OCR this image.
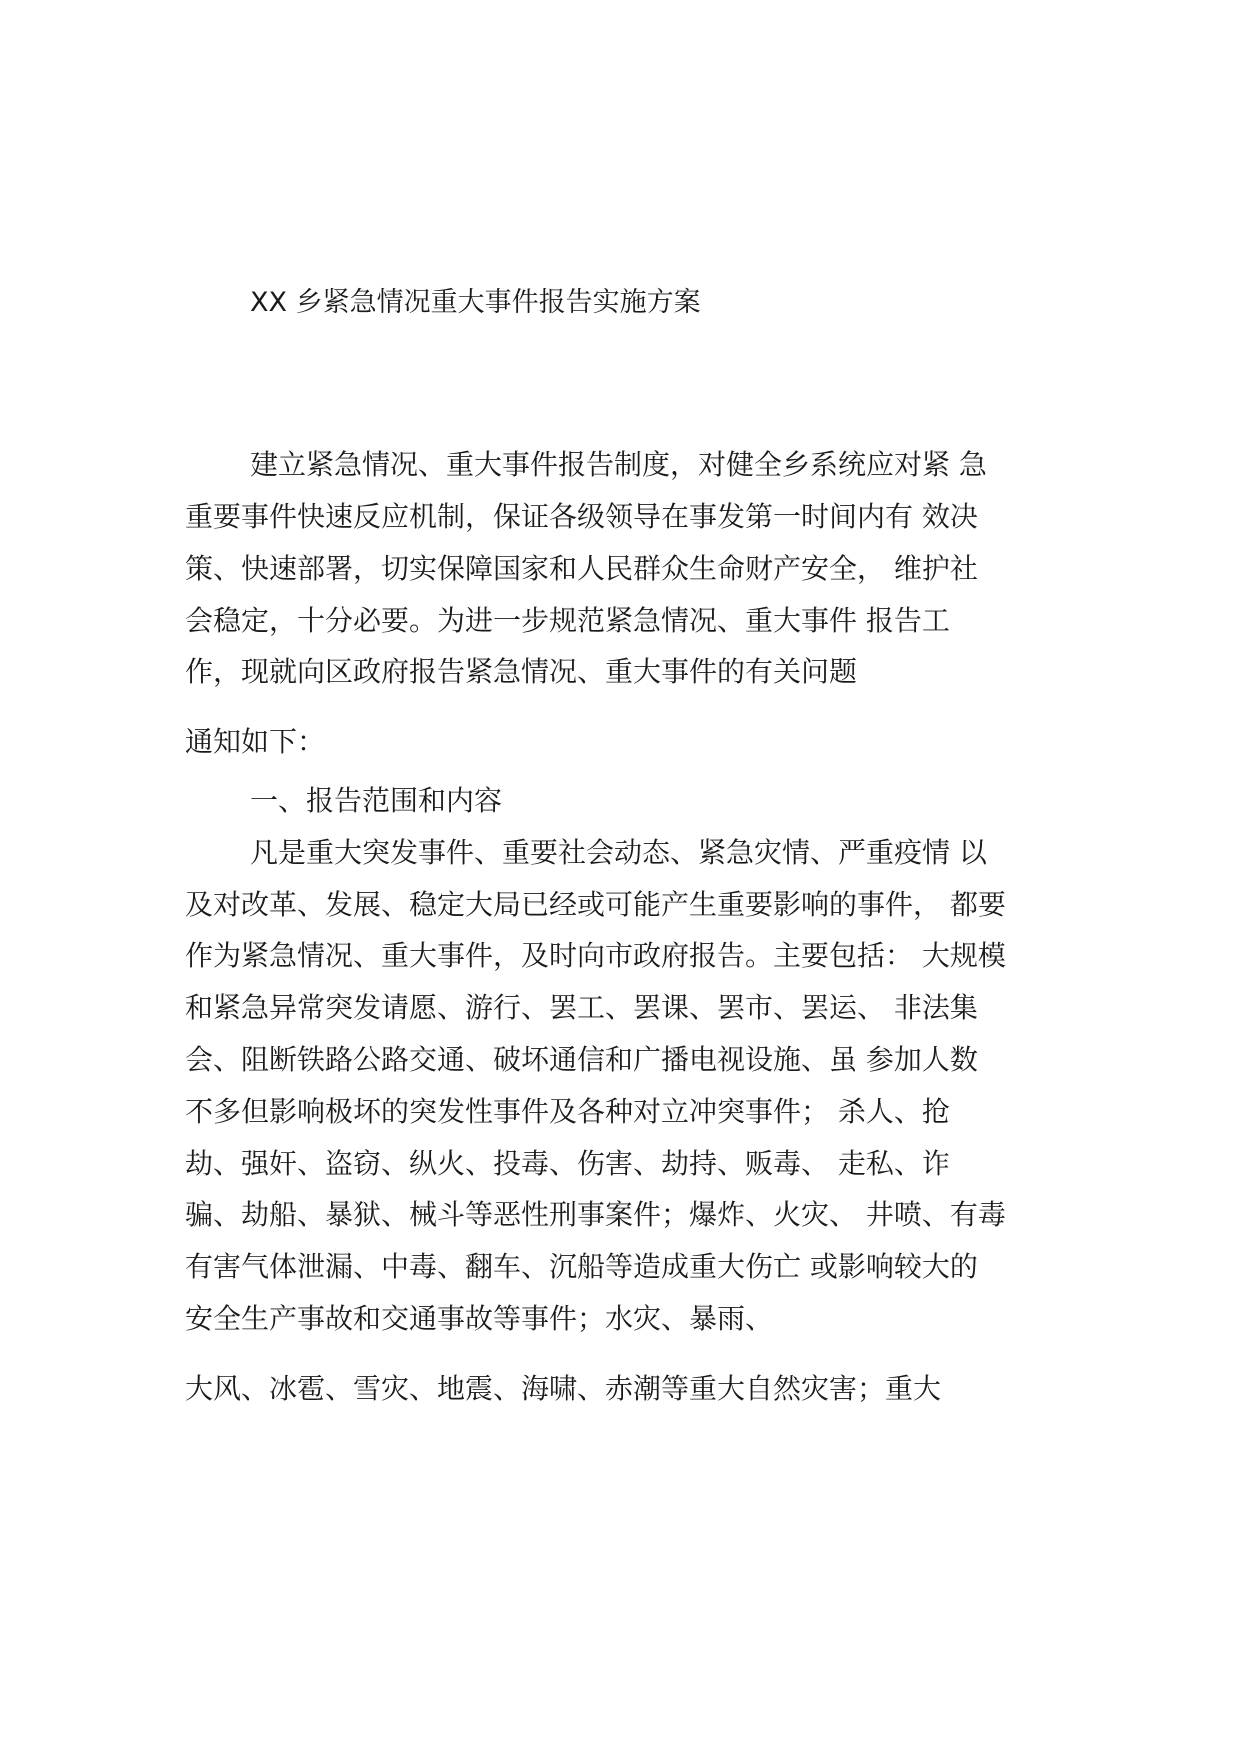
XX 乡紧急情况重大事件报告实施方案
建立紧急情况、重大事件报告制度，对健全乡系统应对紧 急
重要事件快速反应机制，保证各级领导在事发第一时间内有 效决
策、快速部署，切实保障国家和人民群众生命财产安全， 维护社
会稳定，十分必要。为进一步规范紧急情况、重大事件 报告工
作，现就向区政府报告紧急情况、重大事件的有关问题
通知如下：
一、报告范围和内容
凡是重大突发事件、重要社会动态、紧急灾情、严重疫情 以
及对改革、发展、稳定大局已经或可能产生重要影响的事件， 都要
作为紧急情况、重大事件，及时向市政府报告。主要包括： 大规模
和紧急异常突发请愿、游行、罢工、罢课、罢市、罢运、 非法集
会、阻断铁路公路交通、破坏通信和广播电视设施、虽 参加人数
不多但影响极坏的突发性事件及各种对立冲突事件； 杀人、抢
劫、强奸、盗窃、纵火、投毒、伤害、劫持、贩毒、 走私、诈
骗、劫船、暴狱、械斗等恶性刑事案件；爆炸、火灾、 井喷、有毒
有害气体泄漏、中毒、翻车、沉船等造成重大伤亡 或影响较大的
安全生产事故和交通事故等事件；水灾、暴雨、
大风、冰雹、雪灾、地震、海啸、赤潮等重大自然灾害；重大
